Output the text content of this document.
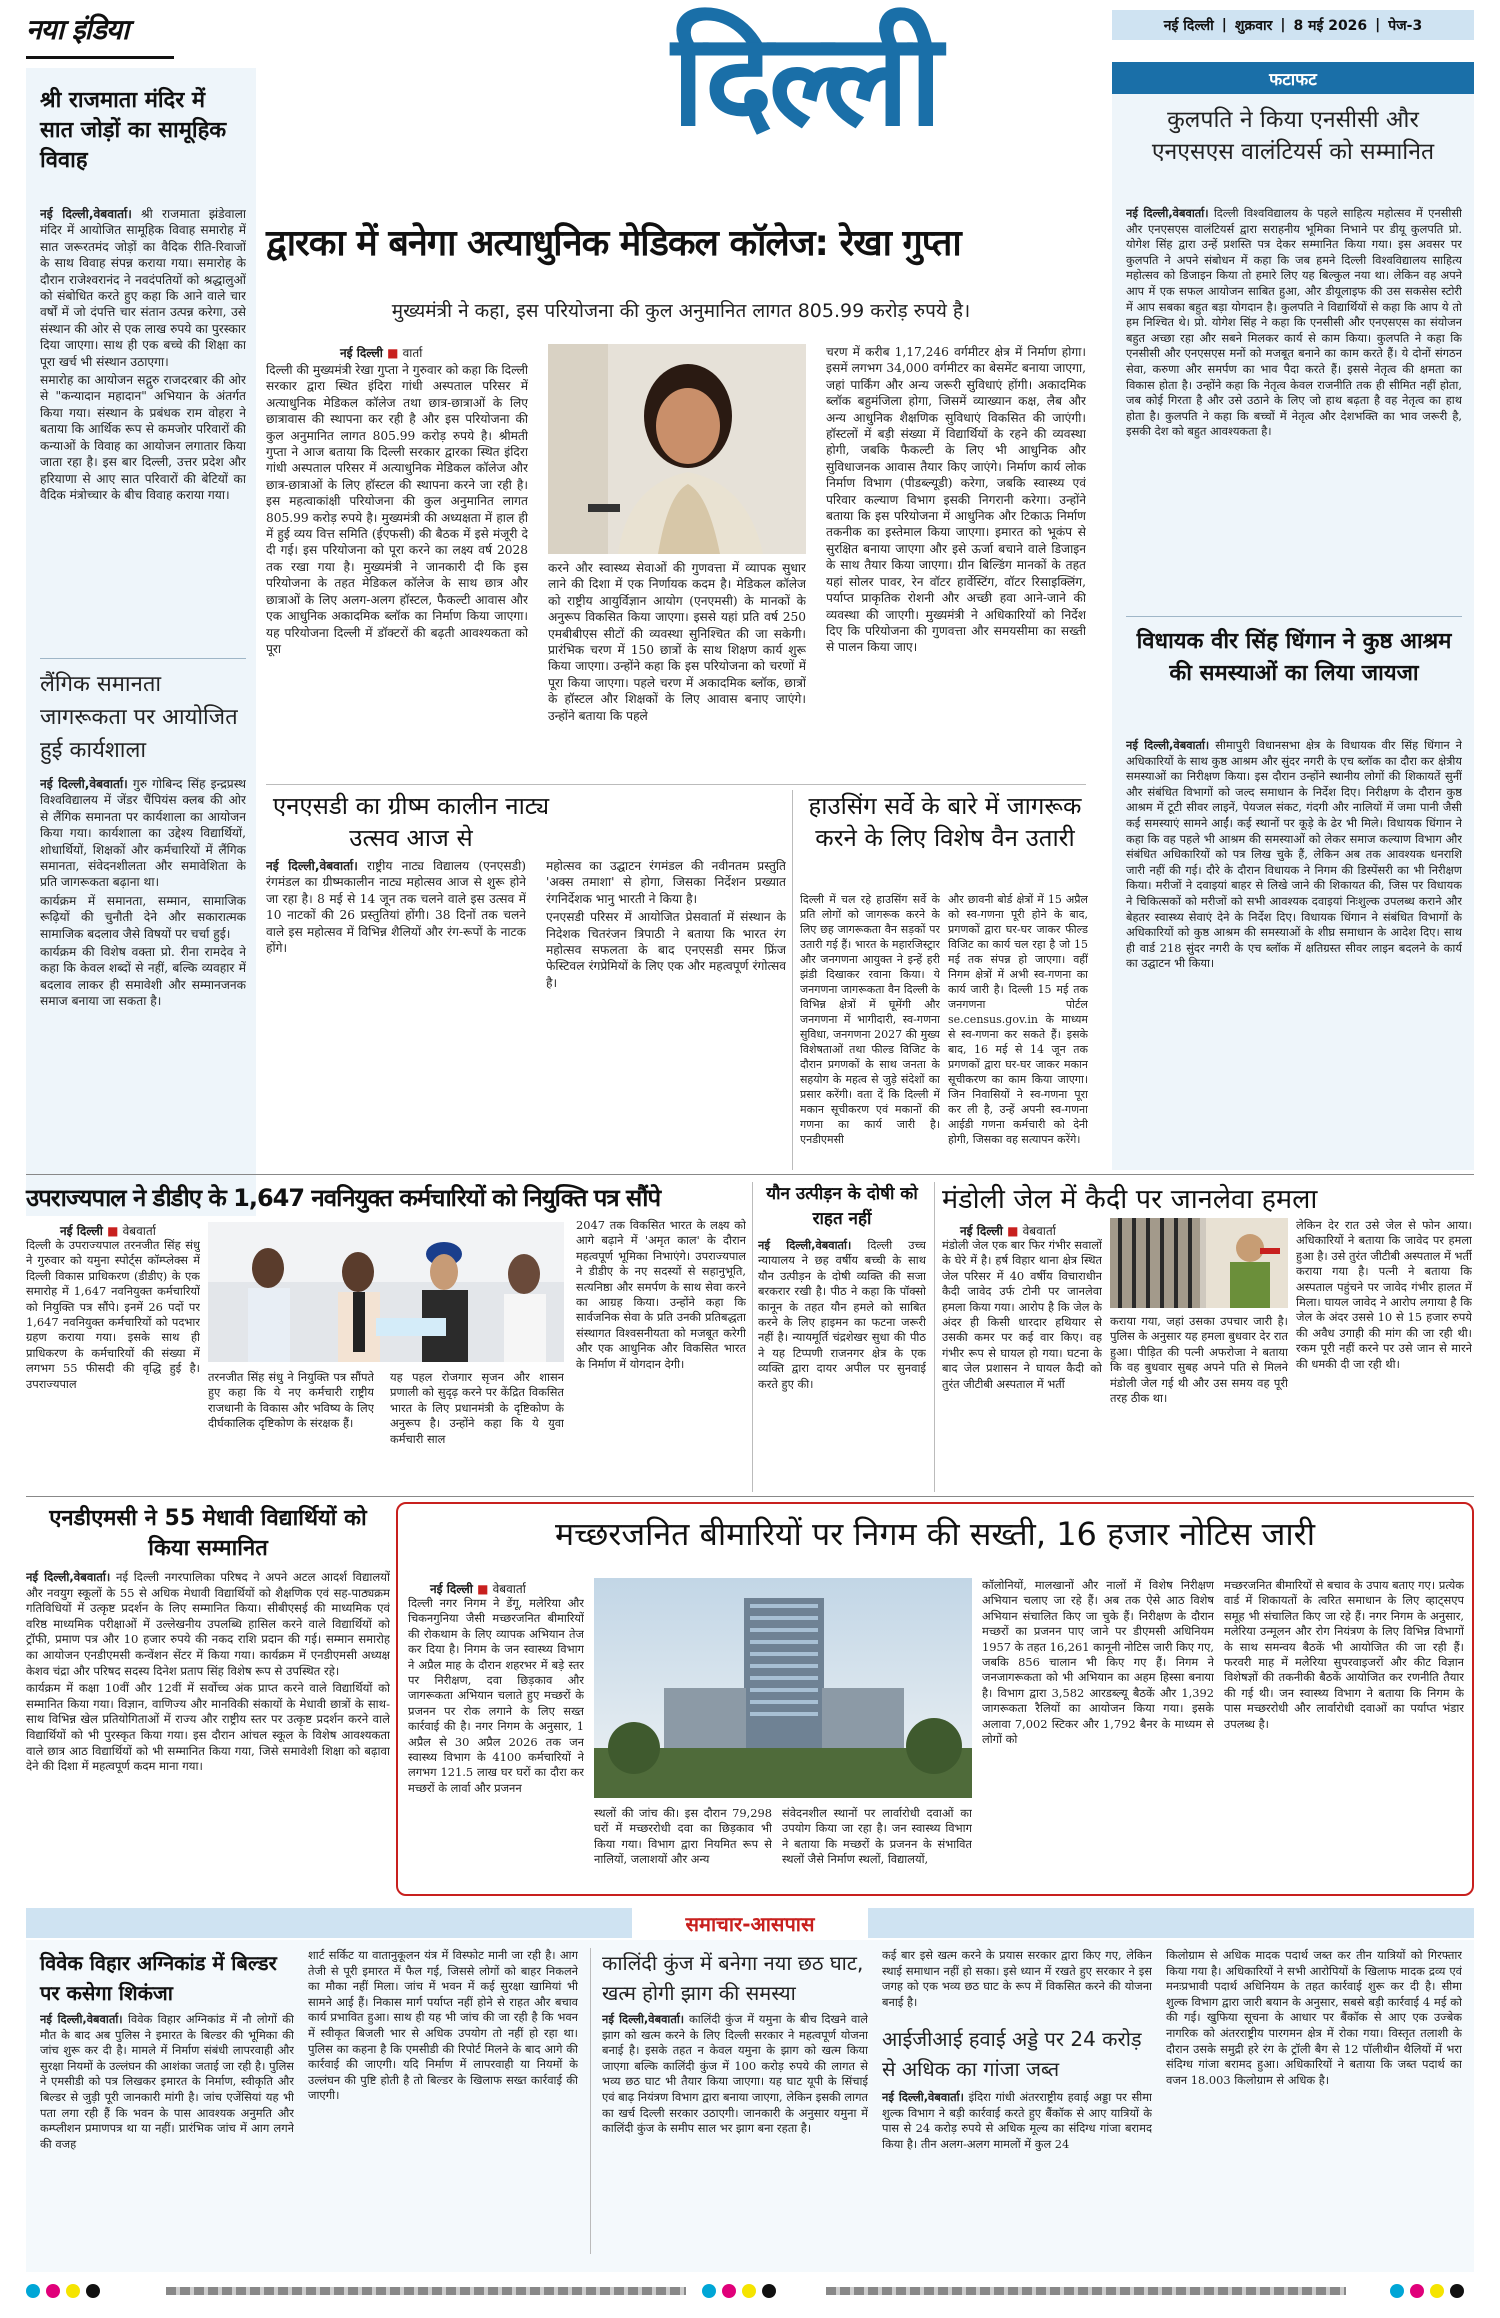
नया इंडिया	दिल्ली	नई दिल्ली | शुक्रवार | 8 मई 2026 | पेज-3
श्री राजमाता मंदिर में सात जोड़ों का सामूहिक विवाह

नई दिल्ली,वेबवार्ता। श्री राजमाता झंडेवाला मंदिर में आयोजित सामूहिक विवाह समारोह में सात जरूरतमंद जोड़ों का वैदिक रीति-रिवाजों के साथ विवाह संपन्न कराया गया। समारोह के दौरान राजेश्वरानंद ने नवदंपतियों को श्रद्धालुओं को संबोधित करते हुए कहा कि आने वाले चार वर्षों में जो दंपत्ति चार संतान उत्पन्न करेगा, उसे संस्थान की ओर से एक लाख रुपये का पुरस्कार दिया जाएगा। साथ ही एक बच्चे की शिक्षा का पूरा खर्च भी संस्थान उठाएगा।

समारोह का आयोजन सद्गुरु राजदरबार की ओर से "कन्यादान महादान" अभियान के अंतर्गत किया गया। संस्थान के प्रबंधक राम वोहरा ने बताया कि आर्थिक रूप से कमजोर परिवारों की कन्याओं के विवाह का आयोजन लगातार किया जाता रहा है। इस बार दिल्ली, उत्तर प्रदेश और हरियाणा से आए सात परिवारों की बेटियों का वैदिक मंत्रोच्चार के बीच विवाह कराया गया।

लैंगिक समानता जागरूकता पर आयोजित हुई कार्यशाला

नई दिल्ली,वेबवार्ता। गुरु गोबिन्द सिंह इन्द्रप्रस्थ विश्वविद्यालय में जेंडर चैंपियंस क्लब की ओर से लैंगिक समानता पर कार्यशाला का आयोजन किया गया। कार्यशाला का उद्देश्य विद्यार्थियों, शोधार्थियों, शिक्षकों और कर्मचारियों में लैंगिक समानता, संवेदनशीलता और समावेशिता के प्रति जागरूकता बढ़ाना था।

कार्यक्रम में समानता, सम्मान, सामाजिक रूढ़ियों की चुनौती देने और सकारात्मक सामाजिक बदलाव जैसे विषयों पर चर्चा हुई।

कार्यक्रम की विशेष वक्ता प्रो. रीना रामदेव ने कहा कि केवल शब्दों से नहीं, बल्कि व्यवहार में बदलाव लाकर ही समावेशी और सम्मानजनक समाज बनाया जा सकता है।

द्वारका में बनेगा अत्याधुनिक मेडिकल कॉलेज: रेखा गुप्ता
मुख्यमंत्री ने कहा, इस परियोजना की कुल अनुमानित लागत 805.99 करोड़ रुपये है।
नई दिल्ली ■ वार्ता
दिल्ली की मुख्यमंत्री रेखा गुप्ता ने गुरुवार को कहा कि दिल्ली सरकार द्वारा स्थित इंदिरा गांधी अस्पताल परिसर में अत्याधुनिक मेडिकल कॉलेज तथा छात्र-छात्राओं के लिए छात्रावास की स्थापना कर रही है और इस परियोजना की कुल अनुमानित लागत 805.99 करोड़ रुपये है। श्रीमती गुप्ता ने आज बताया कि दिल्ली सरकार द्वारका स्थित इंदिरा गांधी अस्पताल परिसर में अत्याधुनिक मेडिकल कॉलेज और छात्र-छात्राओं के लिए हॉस्टल की स्थापना करने जा रही है। इस महत्वाकांक्षी परियोजना की कुल अनुमानित लागत 805.99 करोड़ रुपये है। मुख्यमंत्री की अध्यक्षता में हाल ही में हुई व्यय वित्त समिति (ईएफसी) की बैठक में इसे मंजूरी दे दी गई। इस परियोजना को पूरा करने का लक्ष्य वर्ष 2028 तक रखा गया है। मुख्यमंत्री ने जानकारी दी कि इस परियोजना के तहत मेडिकल कॉलेज के साथ छात्र और छात्राओं के लिए अलग-अलग हॉस्टल, फैकल्टी आवास और एक आधुनिक अकादमिक ब्लॉक का निर्माण किया जाएगा। यह परियोजना दिल्ली में डॉक्टरों की बढ़ती आवश्यकता को पूरा
करने और स्वास्थ्य सेवाओं की गुणवत्ता में व्यापक सुधार लाने की दिशा में एक निर्णायक कदम है। मेडिकल कॉलेज को राष्ट्रीय आयुर्विज्ञान आयोग (एनएमसी) के मानकों के अनुरूप विकसित किया जाएगा। इससे यहां प्रति वर्ष 250 एमबीबीएस सीटों की व्यवस्था सुनिश्चित की जा सकेगी। प्रारंभिक चरण में 150 छात्रों के साथ शिक्षण कार्य शुरू किया जाएगा। उन्होंने कहा कि इस परियोजना को चरणों में पूरा किया जाएगा। पहले चरण में अकादमिक ब्लॉक, छात्रों के हॉस्टल और शिक्षकों के लिए आवास बनाए जाएंगे। उन्होंने बताया कि पहले
चरण में करीब 1,17,246 वर्गमीटर क्षेत्र में निर्माण होगा। इसमें लगभग 34,000 वर्गमीटर का बेसमेंट बनाया जाएगा, जहां पार्किंग और अन्य जरूरी सुविधाएं होंगी। अकादमिक ब्लॉक बहुमंजिला होगा, जिसमें व्याख्यान कक्ष, लैब और अन्य आधुनिक शैक्षणिक सुविधाएं विकसित की जाएंगी। हॉस्टलों में बड़ी संख्या में विद्यार्थियों के रहने की व्यवस्था होगी, जबकि फैकल्टी के लिए भी आधुनिक और सुविधाजनक आवास तैयार किए जाएंगे। निर्माण कार्य लोक निर्माण विभाग (पीडब्ल्यूडी) करेगा, जबकि स्वास्थ्य एवं परिवार कल्याण विभाग इसकी निगरानी करेगा। उन्होंने बताया कि इस परियोजना में आधुनिक और टिकाऊ निर्माण तकनीक का इस्तेमाल किया जाएगा। इमारत को भूकंप से सुरक्षित बनाया जाएगा और इसे ऊर्जा बचाने वाले डिजाइन के साथ तैयार किया जाएगा। ग्रीन बिल्डिंग मानकों के तहत यहां सोलर पावर, रेन वॉटर हार्वेस्टिंग, वॉटर रिसाइक्लिंग, पर्याप्त प्राकृतिक रोशनी और अच्छी हवा आने-जाने की व्यवस्था की जाएगी। मुख्यमंत्री ने अधिकारियों को निर्देश दिए कि परियोजना की गुणवत्ता और समयसीमा का सख्ती से पालन किया जाए।
एनएसडी का ग्रीष्म कालीन नाट्य उत्सव आज से

नई दिल्ली,वेबवार्ता। राष्ट्रीय नाट्य विद्यालय (एनएसडी) रंगमंडल का ग्रीष्मकालीन नाट्य महोत्सव आज से शुरू होने जा रहा है। 8 मई से 14 जून तक चलने वाले इस उत्सव में 10 नाटकों की 26 प्रस्तुतियां होंगी। 38 दिनों तक चलने वाले इस महोत्सव में विभिन्न शैलियों और रंग-रूपों के नाटक होंगे।

महोत्सव का उद्घाटन रंगमंडल की नवीनतम प्रस्तुति 'अक्स तमाशा' से होगा, जिसका निर्देशन प्रख्यात रंगनिर्देशक भानु भारती ने किया है।

एनएसडी परिसर में आयोजित प्रेसवार्ता में संस्थान के निदेशक चितरंजन त्रिपाठी ने बताया कि भारत रंग महोत्सव सफलता के बाद एनएसडी समर फ्रिंज फेस्टिवल रंगप्रेमियों के लिए एक और महत्वपूर्ण रंगोत्सव है।

हाउसिंग सर्वे के बारे में जागरूक करने के लिए विशेष वैन उतारी
दिल्ली में चल रहे हाउसिंग सर्वे के प्रति लोगों को जागरूक करने के लिए छह जागरूकता वैन सड़कों पर उतारी गई हैं। भारत के महारजिस्ट्रार और जनगणना आयुक्त ने इन्हें हरी झंडी दिखाकर रवाना किया। ये जनगणना जागरूकता वैन दिल्ली के विभिन्न क्षेत्रों में घूमेंगी और जनगणना में भागीदारी, स्व-गणना सुविधा, जनगणना 2027 की मुख्य विशेषताओं तथा फील्ड विजिट के दौरान प्रगणकों के साथ जनता के सहयोग के महत्व से जुड़े संदेशों का प्रसार करेंगी। वता दें कि दिल्ली में मकान सूचीकरण एवं मकानों की गणना का कार्य जारी है। एनडीएमसी
और छावनी बोर्ड क्षेत्रों में 15 अप्रैल को स्व-गणना पूरी होने के बाद, प्रगणकों द्वारा घर-घर जाकर फील्ड विजिट का कार्य चल रहा है जो 15 मई तक संपन्न हो जाएगा। वहीं निगम क्षेत्रों में अभी स्व-गणना का कार्य जारी है। दिल्ली 15 मई तक जनगणना पोर्टल se.census.gov.in के माध्यम से स्व-गणना कर सकते हैं। इसके बाद, 16 मई से 14 जून तक प्रगणकों द्वारा घर-घर जाकर मकान सूचीकरण का काम किया जाएगा। जिन निवासियों ने स्व-गणना पूरा कर ली है, उन्हें अपनी स्व-गणना आईडी गणना कर्मचारी को देनी होगी, जिसका वह सत्यापन करेंगे।
फटाफट
कुलपति ने किया एनसीसी और एनएसएस वालंटियर्स को सम्मानित

नई दिल्ली,वेबवार्ता। दिल्ली विश्वविद्यालय के पहले साहित्य महोत्सव में एनसीसी और एनएसएस वालंटियर्स द्वारा सराहनीय भूमिका निभाने पर डीयू कुलपति प्रो. योगेश सिंह द्वारा उन्हें प्रशस्ति पत्र देकर सम्मानित किया गया। इस अवसर पर कुलपति ने अपने संबोधन में कहा कि जब हमने दिल्ली विश्वविद्यालय साहित्य महोत्सव को डिजाइन किया तो हमारे लिए यह बिल्कुल नया था। लेकिन वह अपने आप में एक सफल आयोजन साबित हुआ, और डीयूलाइफ की उस सकसेस स्टोरी में आप सबका बहुत बड़ा योगदान है। कुलपति ने विद्यार्थियों से कहा कि आप ये तो हम निश्चित थे। प्रो. योगेश सिंह ने कहा कि एनसीसी और एनएसएस का संयोजन बहुत अच्छा रहा और सबने मिलकर कार्य से काम किया। कुलपति ने कहा कि एनसीसी और एनएसएस मनों को मजबूत बनाने का काम करते हैं। ये दोनों संगठन सेवा, करुणा और समर्पण का भाव पैदा करते हैं। इससे नेतृत्व की क्षमता का विकास होता है। उन्होंने कहा कि नेतृत्व केवल राजनीति तक ही सीमित नहीं होता, जब कोई गिरता है और उसे उठाने के लिए जो हाथ बढ़ता है वह नेतृत्व का हाथ होता है। कुलपति ने कहा कि बच्चों में नेतृत्व और देशभक्ति का भाव जरूरी है, इसकी देश को बहुत आवश्यकता है।

विधायक वीर सिंह धिंगान ने कुष्ठ आश्रम की समस्याओं का लिया जायजा

नई दिल्ली,वेबवार्ता। सीमापुरी विधानसभा क्षेत्र के विधायक वीर सिंह धिंगान ने अधिकारियों के साथ कुष्ठ आश्रम और सुंदर नगरी के एच ब्लॉक का दौरा कर क्षेत्रीय समस्याओं का निरीक्षण किया। इस दौरान उन्होंने स्थानीय लोगों की शिकायतें सुनीं और संबंधित विभागों को जल्द समाधान के निर्देश दिए। निरीक्षण के दौरान कुष्ठ आश्रम में टूटी सीवर लाइनें, पेयजल संकट, गंदगी और नालियों में जमा पानी जैसी कई समस्याएं सामने आईं। कई स्थानों पर कूड़े के ढेर भी मिले। विधायक धिंगान ने कहा कि वह पहले भी आश्रम की समस्याओं को लेकर समाज कल्याण विभाग और संबंधित अधिकारियों को पत्र लिख चुके हैं, लेकिन अब तक आवश्यक धनराशि जारी नहीं की गई। दौरे के दौरान विधायक ने निगम की डिस्पेंसरी का भी निरीक्षण किया। मरीजों ने दवाइयां बाहर से लिखे जाने की शिकायत की, जिस पर विधायक ने चिकित्सकों को मरीजों को सभी आवश्यक दवाइयां निःशुल्क उपलब्ध कराने और बेहतर स्वास्थ्य सेवाएं देने के निर्देश दिए। विधायक धिंगान ने संबंधित विभागों के अधिकारियों को कुष्ठ आश्रम की समस्याओं के शीघ्र समाधान के आदेश दिए। साथ ही वार्ड 218 सुंदर नगरी के एच ब्लॉक में क्षतिग्रस्त सीवर लाइन बदलने के कार्य का उद्घाटन भी किया।

उपराज्यपाल ने डीडीए के 1,647 नवनियुक्त कर्मचारियों को नियुक्ति पत्र सौंपे
नई दिल्ली ■ वेबवार्ता
दिल्ली के उपराज्यपाल तरनजीत सिंह संधु ने गुरुवार को यमुना स्पोर्ट्स कॉम्प्लेक्स में दिल्ली विकास प्राधिकरण (डीडीए) के एक समारोह में 1,647 नवनियुक्त कर्मचारियों को नियुक्ति पत्र सौंपे। इनमें 26 पदों पर 1,647 नवनियुक्त कर्मचारियों को पदभार ग्रहण कराया गया। इसके साथ ही प्राधिकरण के कर्मचारियों की संख्या में लगभग 55 फीसदी की वृद्धि हुई है। उपराज्यपाल	तरनजीत सिंह संधु ने नियुक्ति पत्र सौंपते हुए कहा कि ये नए कर्मचारी राष्ट्रीय राजधानी के विकास और भविष्य के लिए दीर्घकालिक दृष्टिकोण के संरक्षक हैं।
यह पहल रोजगार सृजन और शासन प्रणाली को सुदृढ़ करने पर केंद्रित विकसित भारत के लिए प्रधानमंत्री के दृष्टिकोण के अनुरूप है। उन्होंने कहा कि ये युवा कर्मचारी साल
2047 तक विकसित भारत के लक्ष्य को आगे बढ़ाने में 'अमृत काल' के दौरान महत्वपूर्ण भूमिका निभाएंगे। उपराज्यपाल ने डीडीए के नए सदस्यों से सहानुभूति, सत्यनिष्ठा और समर्पण के साथ सेवा करने का आग्रह किया। उन्होंने कहा कि सार्वजनिक सेवा के प्रति उनकी प्रतिबद्धता संस्थागत विश्वसनीयता को मजबूत करेगी और एक आधुनिक और विकसित भारत के निर्माण में योगदान देगी।
यौन उत्पीड़न के दोषी को राहत नहीं

नई दिल्ली,वेबवार्ता। दिल्ली उच्च न्यायालय ने छह वर्षीय बच्ची के साथ यौन उत्पीड़न के दोषी व्यक्ति की सजा बरकरार रखी है। पीठ ने कहा कि पॉक्सो कानून के तहत यौन हमले को साबित करने के लिए हाइमन का फटना जरूरी नहीं है। न्यायमूर्ति चंद्रशेखर सुधा की पीठ ने यह टिप्पणी राजनगर क्षेत्र के एक व्यक्ति द्वारा दायर अपील पर सुनवाई करते हुए की।

मंडोली जेल में कैदी पर जानलेवा हमला
नई दिल्ली ■ वेबवार्ता
मंडोली जेल एक बार फिर गंभीर सवालों के घेरे में है। हर्ष विहार थाना क्षेत्र स्थित जेल परिसर में 40 वर्षीय विचाराधीन कैदी जावेद उर्फ टोनी पर जानलेवा हमला किया गया। आरोप है कि जेल के अंदर ही किसी धारदार हथियार से उसकी कमर पर कई वार किए। वह गंभीर रूप से घायल हो गया। घटना के बाद जेल प्रशासन ने घायल कैदी को तुरंत जीटीबी अस्पताल में भर्ती
कराया गया, जहां उसका उपचार जारी है। पुलिस के अनुसार यह हमला बुधवार देर रात हुआ। पीड़ित की पत्नी अफरोजा ने बताया कि वह बुधवार सुबह अपने पति से मिलने मंडोली जेल गई थी और उस समय वह पूरी तरह ठीक था।
लेकिन देर रात उसे जेल से फोन आया। अधिकारियों ने बताया कि जावेद पर हमला हुआ है। उसे तुरंत जीटीबी अस्पताल में भर्ती कराया गया है। पत्नी ने बताया कि अस्पताल पहुंचने पर जावेद गंभीर हालत में मिला। घायल जावेद ने आरोप लगाया है कि जेल के अंदर उससे 10 से 15 हजार रुपये की अवैध उगाही की मांग की जा रही थी। रकम पूरी नहीं करने पर उसे जान से मारने की धमकी दी जा रही थी।
एनडीएमसी ने 55 मेधावी विद्यार्थियों को किया सम्मानित

नई दिल्ली,वेबवार्ता। नई दिल्ली नगरपालिका परिषद ने अपने अटल आदर्श विद्यालयों और नवयुग स्कूलों के 55 से अधिक मेधावी विद्यार्थियों को शैक्षणिक एवं सह-पाठ्यक्रम गतिविधियों में उत्कृष्ट प्रदर्शन के लिए सम्मानित किया। सीबीएसई की माध्यमिक एवं वरिष्ठ माध्यमिक परीक्षाओं में उल्लेखनीय उपलब्धि हासिल करने वाले विद्यार्थियों को ट्रॉफी, प्रमाण पत्र और 10 हजार रुपये की नकद राशि प्रदान की गई। सम्मान समारोह का आयोजन एनडीएमसी कन्वेंशन सेंटर में किया गया। कार्यक्रम में एनडीएमसी अध्यक्ष केशव चंद्रा और परिषद सदस्य दिनेश प्रताप सिंह विशेष रूप से उपस्थित रहे।

कार्यक्रम में कक्षा 10वीं और 12वीं में सर्वोच्च अंक प्राप्त करने वाले विद्यार्थियों को सम्मानित किया गया। विज्ञान, वाणिज्य और मानविकी संकायों के मेधावी छात्रों के साथ-साथ विभिन्न खेल प्रतियोगिताओं में राज्य और राष्ट्रीय स्तर पर उत्कृष्ट प्रदर्शन करने वाले विद्यार्थियों को भी पुरस्कृत किया गया। इस दौरान आंचल स्कूल के विशेष आवश्यकता वाले छात्र आठ विद्यार्थियों को भी सम्मानित किया गया, जिसे समावेशी शिक्षा को बढ़ावा देने की दिशा में महत्वपूर्ण कदम माना गया।

मच्छरजनित बीमारियों पर निगम की सख्ती, 16 हजार नोटिस जारी
नई दिल्ली ■ वेबवार्ता
दिल्ली नगर निगम ने डेंगू, मलेरिया और चिकनगुनिया जैसी मच्छरजनित बीमारियों की रोकथाम के लिए व्यापक अभियान तेज कर दिया है। निगम के जन स्वास्थ्य विभाग ने अप्रैल माह के दौरान शहरभर में बड़े स्तर पर निरीक्षण, दवा छिड़काव और जागरूकता अभियान चलाते हुए मच्छरों के प्रजनन पर रोक लगाने के लिए सख्त कार्रवाई की है। नगर निगम के अनुसार, 1 अप्रैल से 30 अप्रैल 2026 तक जन स्वास्थ्य विभाग के 4100 कर्मचारियों ने लगभग 121.5 लाख घर घरों का दौरा कर मच्छरों के लार्वा और प्रजनन
स्थलों की जांच की। इस दौरान 79,298 घरों में मच्छररोधी दवा का छिड़काव भी किया गया। विभाग द्वारा नियमित रूप से नालियों, जलाशयों और अन्य
संवेदनशील स्थानों पर लार्वारोधी दवाओं का उपयोग किया जा रहा है। जन स्वास्थ्य विभाग ने बताया कि मच्छरों के प्रजनन के संभावित स्थलों जैसे निर्माण स्थलों, विद्यालयों,
कॉलोनियों, मालखानों और नालों में विशेष निरीक्षण अभियान चलाए जा रहे हैं। अब तक ऐसे आठ विशेष अभियान संचालित किए जा चुके हैं। निरीक्षण के दौरान मच्छरों का प्रजनन पाए जाने पर डीएमसी अधिनियम 1957 के तहत 16,261 कानूनी नोटिस जारी किए गए, जबकि 856 चालान भी किए गए हैं। निगम ने जनजागरूकता को भी अभियान का अहम हिस्सा बनाया है। विभाग द्वारा 3,582 आरडब्ल्यू बैठकें और 1,392 जागरूकता रैलियों का आयोजन किया गया। इसके अलावा 7,002 स्टिकर और 1,792 बैनर के माध्यम से लोगों को
मच्छरजनित बीमारियों से बचाव के उपाय बताए गए। प्रत्येक वार्ड में शिकायतों के त्वरित समाधान के लिए व्हाट्सएप समूह भी संचालित किए जा रहे हैं। नगर निगम के अनुसार, मलेरिया उन्मूलन और रोग नियंत्रण के लिए विभिन्न विभागों के साथ समन्वय बैठकें भी आयोजित की जा रही हैं। फरवरी माह में मलेरिया सुपरवाइजरों और कीट विज्ञान विशेषज्ञों की तकनीकी बैठकें आयोजित कर रणनीति तैयार की गई थी। जन स्वास्थ्य विभाग ने बताया कि निगम के पास मच्छररोधी और लार्वारोधी दवाओं का पर्याप्त भंडार उपलब्ध है।
समाचार-आसपास
विवेक विहार अग्निकांड में बिल्डर पर कसेगा शिकंजा

नई दिल्ली,वेबवार्ता। विवेक विहार अग्निकांड में नौ लोगों की मौत के बाद अब पुलिस ने इमारत के बिल्डर की भूमिका की जांच शुरू कर दी है। मामले में निर्माण संबंधी लापरवाही और सुरक्षा नियमों के उल्लंघन की आशंका जताई जा रही है। पुलिस ने एमसीडी को पत्र लिखकर इमारत के निर्माण, स्वीकृति और बिल्डर से जुड़ी पूरी जानकारी मांगी है। जांच एजेंसियां यह भी पता लगा रही हैं कि भवन के पास आवश्यक अनुमति और कम्प्लीशन प्रमाणपत्र था या नहीं। प्रारंभिक जांच में आग लगने की वजह

शार्ट सर्किट या वातानुकूलन यंत्र में विस्फोट मानी जा रही है। आग तेजी से पूरी इमारत में फैल गई, जिससे लोगों को बाहर निकलने का मौका नहीं मिला। जांच में भवन में कई सुरक्षा खामियां भी सामने आई हैं। निकास मार्ग पर्याप्त नहीं होने से राहत और बचाव कार्य प्रभावित हुआ। साथ ही यह भी जांच की जा रही है कि भवन में स्वीकृत बिजली भार से अधिक उपयोग तो नहीं हो रहा था। पुलिस का कहना है कि एमसीडी की रिपोर्ट मिलने के बाद आगे की कार्रवाई की जाएगी। यदि निर्माण में लापरवाही या नियमों के उल्लंघन की पुष्टि होती है तो बिल्डर के खिलाफ सख्त कार्रवाई की जाएगी।
कालिंदी कुंज में बनेगा नया छठ घाट, खत्म होगी झाग की समस्या

नई दिल्ली,वेबवार्ता। कालिंदी कुंज में यमुना के बीच दिखने वाले झाग को खत्म करने के लिए दिल्ली सरकार ने महत्वपूर्ण योजना बनाई है। इसके तहत न केवल यमुना के झाग को खत्म किया जाएगा बल्कि कालिंदी कुंज में 100 करोड़ रुपये की लागत से भव्य छठ घाट भी तैयार किया जाएगा। यह घाट यूपी के सिंचाई एवं बाढ़ नियंत्रण विभाग द्वारा बनाया जाएगा, लेकिन इसकी लागत का खर्च दिल्ली सरकार उठाएगी। जानकारी के अनुसार यमुना में कालिंदी कुंज के समीप साल भर झाग बना रहता है।

कई बार इसे खत्म करने के प्रयास सरकार द्वारा किए गए, लेकिन स्थाई समाधान नहीं हो सका। इसे ध्यान में रखते हुए सरकार ने इस जगह को एक भव्य छठ घाट के रूप में विकसित करने की योजना बनाई है।
आईजीआई हवाई अड्डे पर 24 करोड़ से अधिक का गांजा जब्त

नई दिल्ली,वेबवार्ता। इंदिरा गांधी अंतरराष्ट्रीय हवाई अड्डा पर सीमा शुल्क विभाग ने बड़ी कार्रवाई करते हुए बैंकॉक से आए यात्रियों के पास से 24 करोड़ रुपये से अधिक मूल्य का संदिग्ध गांजा बरामद किया है। तीन अलग-अलग मामलों में कुल 24

किलोग्राम से अधिक मादक पदार्थ जब्त कर तीन यात्रियों को गिरफ्तार किया गया है। अधिकारियों ने सभी आरोपियों के खिलाफ मादक द्रव्य एवं मनःप्रभावी पदार्थ अधिनियम के तहत कार्रवाई शुरू कर दी है। सीमा शुल्क विभाग द्वारा जारी बयान के अनुसार, सबसे बड़ी कार्रवाई 4 मई को की गई। खुफिया सूचना के आधार पर बैंकॉक से आए एक उज्बेक नागरिक को अंतरराष्ट्रीय पारगमन क्षेत्र में रोका गया। विस्तृत तलाशी के दौरान उसके समुद्री हरे रंग के ट्रॉली बैग से 12 पॉलीथीन थैलियों में भरा संदिग्ध गांजा बरामद हुआ। अधिकारियों ने बताया कि जब्त पदार्थ का वजन 18.003 किलोग्राम से अधिक है।
